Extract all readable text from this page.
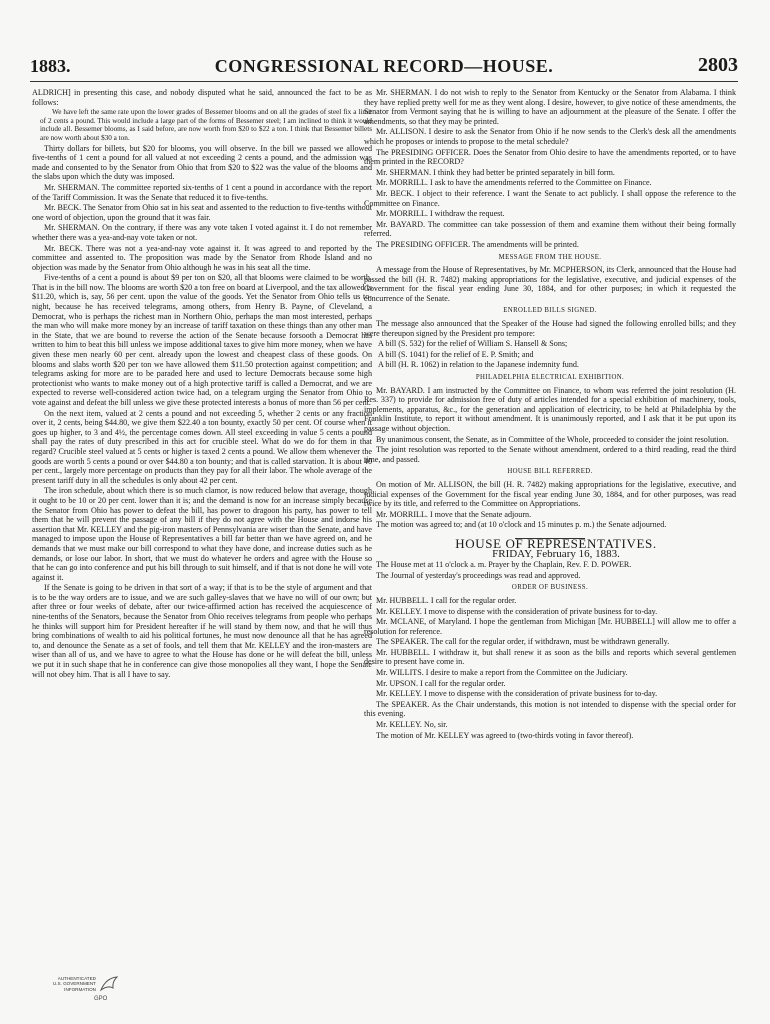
1883.	CONGRESSIONAL RECORD—HOUSE.	2803

ALDRICH] in presenting this case, and nobody disputed what he said, announced the fact to be as follows:

We have left the same rate upon the lower grades of Bessemer blooms and on all the grades of steel fix a limit of 2 cents a pound. This would include a large part of the forms of Bessemer steel; I am inclined to think it would include all. Bessemer blooms, as I said before, are now worth from $20 to $22 a ton. I think that Bessemer billets are now worth about $30 a ton.

Thirty dollars for billets, but $20 for blooms, you will observe. In the bill we passed we allowed five-tenths of 1 cent a pound for all valued at not exceeding 2 cents a pound, and the admission was made and consented to by the Senator from Ohio that from $20 to $22 was the value of the blooms and the slabs upon which the duty was imposed.

Mr. SHERMAN. The committee reported six-tenths of 1 cent a pound in accordance with the report of the Tariff Commission. It was the Senate that reduced it to five-tenths.

Mr. BECK. The Senator from Ohio sat in his seat and assented to the reduction to five-tenths without one word of objection, upon the ground that it was fair.

Mr. SHERMAN. On the contrary, if there was any vote taken I voted against it. I do not remember whether there was a yea-and-nay vote taken or not.

Mr. BECK. There was not a yea-and-nay vote against it. It was agreed to and reported by the committee and assented to. The proposition was made by the Senator from Rhode Island and no objection was made by the Senator from Ohio although he was in his seat all the time.

Five-tenths of a cent a pound is about $9 per ton on $20, all that blooms were claimed to be worth. That is in the bill now. The blooms are worth $20 a ton free on board at Liverpool, and the tax allowed is $11.20, which is, say, 56 per cent. upon the value of the goods. Yet the Senator from Ohio tells us to-night, because he has received telegrams, among others, from Henry B. Payne, of Cleveland, a Democrat, who is perhaps the richest man in Northern Ohio, perhaps the man most interested, perhaps the man who will make more money by an increase of tariff taxation on these things than any other man in the State, that we are bound to reverse the action of the Senate because forsooth a Democrat has written to him to beat this bill unless we impose additional taxes to give him more money, when we have given these men nearly 60 per cent. already upon the lowest and cheapest class of these goods. On blooms and slabs worth $20 per ton we have allowed them $11.50 protection against competition; and telegrams asking for more are to be paraded here and used to lecture Democrats because some high protectionist who wants to make money out of a high protective tariff is called a Democrat, and we are expected to reverse well-considered action twice had, on a telegram urging the Senator from Ohio to vote against and defeat the bill unless we give these protected interests a bonus of more than 56 per cent.

On the next item, valued at 2 cents a pound and not exceeding 5, whether 2 cents or any fraction over it, 2 cents, being $44.80, we give them $22.40 a ton bounty, exactly 50 per cent. Of course when it goes up higher, to 3 and 4½, the percentage comes down. All steel exceeding in value 5 cents a pound shall pay the rates of duty prescribed in this act for crucible steel. What do we do for them in that regard? Crucible steel valued at 5 cents or higher is taxed 2 cents a pound. We allow them whenever the goods are worth 5 cents a pound or over $44.80 a ton bounty; and that is called starvation. It is about 40 per cent., largely more percentage on products than they pay for all their labor. The whole average of the present tariff duty in all the schedules is only about 42 per cent.

The iron schedule, about which there is so much clamor, is now reduced below that average, though it ought to be 10 or 20 per cent. lower than it is; and the demand is now for an increase simply because the Senator from Ohio has power to defeat the bill, has power to dragoon his party, has power to tell them that he will prevent the passage of any bill if they do not agree with the House and indorse his assertion that Mr. KELLEY and the pig-iron masters of Pennsylvania are wiser than the Senate, and have managed to impose upon the House of Representatives a bill far better than we have agreed on, and he demands that we must make our bill correspond to what they have done, and increase duties such as he demands, or lose our labor. In short, that we must do whatever he orders and agree with the House so that he can go into conference and put his bill through to suit himself, and if that is not done he will vote against it.

If the Senate is going to be driven in that sort of a way; if that is to be the style of argument and that is to be the way orders are to issue, and we are such galley-slaves that we have no will of our own; but after three or four weeks of debate, after our twice-affirmed action has received the acquiescence of nine-tenths of the Senators, because the Senator from Ohio receives telegrams from people who perhaps he thinks will support him for President hereafter if he will stand by them now, and that he will thus bring combinations of wealth to aid his political fortunes, he must now denounce all that he has agreed to, and denounce the Senate as a set of fools, and tell them that Mr. KELLEY and the iron-masters are wiser than all of us, and we have to agree to what the House has done or he will defeat the bill, unless we put it in such shape that he in conference can give those monopolies all they want, I hope the Senate will not obey him. That is all I have to say.

Mr. SHERMAN. I do not wish to reply to the Senator from Kentucky or the Senator from Alabama. I think they have replied pretty well for me as they went along. I desire, however, to give notice of these amendments, the Senator from Vermont saying that he is willing to have an adjournment at the pleasure of the Senate. I offer the amendments, so that they may be printed.

Mr. ALLISON. I desire to ask the Senator from Ohio if he now sends to the Clerk's desk all the amendments which he proposes or intends to propose to the metal schedule?

The PRESIDING OFFICER. Does the Senator from Ohio desire to have the amendments reported, or to have them printed in the RECORD?

Mr. SHERMAN. I think they had better be printed separately in bill form.

Mr. MORRILL. I ask to have the amendments referred to the Committee on Finance.

Mr. BECK. I object to their reference. I want the Senate to act publicly. I shall oppose the reference to the Committee on Finance.

Mr. MORRILL. I withdraw the request.

Mr. BAYARD. The committee can take possession of them and examine them without their being formally referred.

The PRESIDING OFFICER. The amendments will be printed.

MESSAGE FROM THE HOUSE.

A message from the House of Representatives, by Mr. MCPHERSON, its Clerk, announced that the House had passed the bill (H. R. 7482) making appropriations for the legislative, executive, and judicial expenses of the Government for the fiscal year ending June 30, 1884, and for other purposes; in which it requested the concurrence of the Senate.

ENROLLED BILLS SIGNED.

The message also announced that the Speaker of the House had signed the following enrolled bills; and they were thereupon signed by the President pro tempore:

A bill (S. 532) for the relief of William S. Hansell & Sons;

A bill (S. 1041) for the relief of E. P. Smith; and

A bill (H. R. 1062) in relation to the Japanese indemnity fund.

PHILADELPHIA ELECTRICAL EXHIBITION.

Mr. BAYARD. I am instructed by the Committee on Finance, to whom was referred the joint resolution (H. Res. 337) to provide for admission free of duty of articles intended for a special exhibition of machinery, tools, implements, apparatus, &c., for the generation and application of electricity, to be held at Philadelphia by the Franklin Institute, to report it without amendment. It is unanimously reported, and I ask that it be put upon its passage without objection.

By unanimous consent, the Senate, as in Committee of the Whole, proceeded to consider the joint resolution.

The joint resolution was reported to the Senate without amendment, ordered to a third reading, read the third time, and passed.

HOUSE BILL REFERRED.

On motion of Mr. ALLISON, the bill (H. R. 7482) making appropriations for the legislative, executive, and judicial expenses of the Government for the fiscal year ending June 30, 1884, and for other purposes, was read twice by its title, and referred to the Committee on Appropriations.

Mr. MORRILL. I move that the Senate adjourn.

The motion was agreed to; and (at 10 o'clock and 15 minutes p. m.) the Senate adjourned.

HOUSE OF REPRESENTATIVES.

FRIDAY, February 16, 1883.

The House met at 11 o'clock a. m. Prayer by the Chaplain, Rev. F. D. POWER.

The Journal of yesterday's proceedings was read and approved.

ORDER OF BUSINESS.

Mr. HUBBELL. I call for the regular order.

Mr. KELLEY. I move to dispense with the consideration of private business for to-day.

Mr. MCLANE, of Maryland. I hope the gentleman from Michigan [Mr. HUBBELL] will allow me to offer a resolution for reference.

The SPEAKER. The call for the regular order, if withdrawn, must be withdrawn generally.

Mr. HUBBELL. I withdraw it, but shall renew it as soon as the bills and reports which several gentlemen desire to present have come in.

Mr. WILLITS. I desire to make a report from the Committee on the Judiciary.

Mr. UPSON. I call for the regular order.

Mr. KELLEY. I move to dispense with the consideration of private business for to-day.

The SPEAKER. As the Chair understands, this motion is not intended to dispense with the special order for this evening.

Mr. KELLEY. No, sir.

The motion of Mr. KELLEY was agreed to (two-thirds voting in favor thereof).

AUTHENTICATED
U.S. GOVERNMENT
INFORMATION
GPO
